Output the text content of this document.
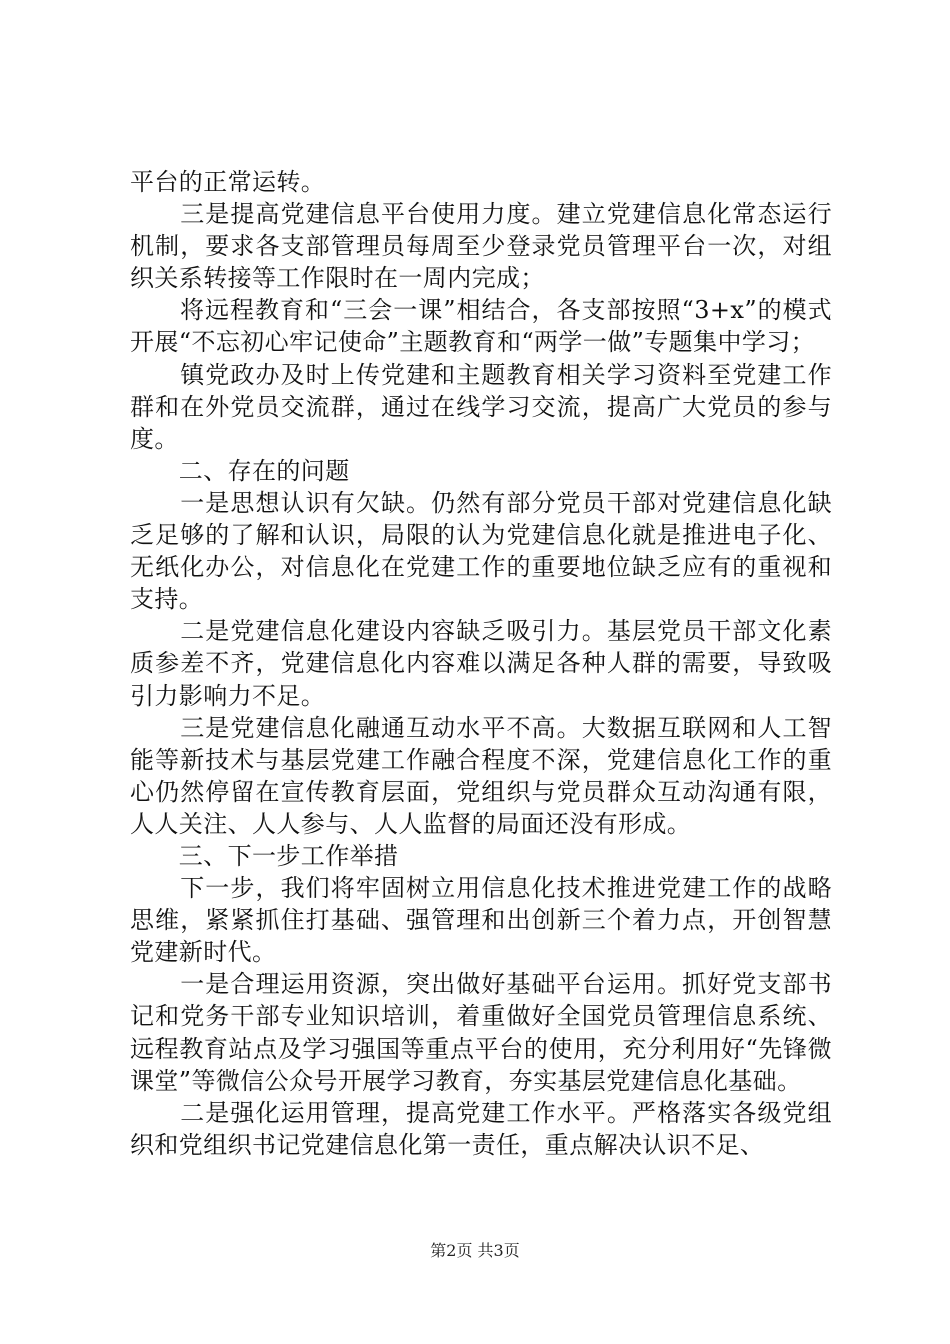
平台的正常运转。

　　三是提高党建信息平台使用力度。建立党建信息化常态运行机制，要求各支部管理员每周至少登录党员管理平台一次，对组织关系转接等工作限时在一周内完成；

　　将远程教育和“三会一课”相结合，各支部按照“3+x”的模式开展“不忘初心牢记使命”主题教育和“两学一做”专题集中学习；

　　镇党政办及时上传党建和主题教育相关学习资料至党建工作群和在外党员交流群，通过在线学习交流，提高广大党员的参与度。

　　二、存在的问题

　　一是思想认识有欠缺。仍然有部分党员干部对党建信息化缺乏足够的了解和认识，局限的认为党建信息化就是推进电子化、无纸化办公，对信息化在党建工作的重要地位缺乏应有的重视和支持。

　　二是党建信息化建设内容缺乏吸引力。基层党员干部文化素质参差不齐，党建信息化内容难以满足各种人群的需要，导致吸引力影响力不足。

　　三是党建信息化融通互动水平不高。大数据互联网和人工智能等新技术与基层党建工作融合程度不深，党建信息化工作的重心仍然停留在宣传教育层面，党组织与党员群众互动沟通有限，人人关注、人人参与、人人监督的局面还没有形成。

　　三、下一步工作举措

　　下一步，我们将牢固树立用信息化技术推进党建工作的战略思维，紧紧抓住打基础、强管理和出创新三个着力点，开创智慧党建新时代。

　　一是合理运用资源，突出做好基础平台运用。抓好党支部书记和党务干部专业知识培训，着重做好全国党员管理信息系统、远程教育站点及学习强国等重点平台的使用，充分利用好“先锋微课堂”等微信公众号开展学习教育，夯实基层党建信息化基础。

　　二是强化运用管理，提高党建工作水平。严格落实各级党组织和党组织书记党建信息化第一责任，重点解决认识不足、

第2页 共3页
